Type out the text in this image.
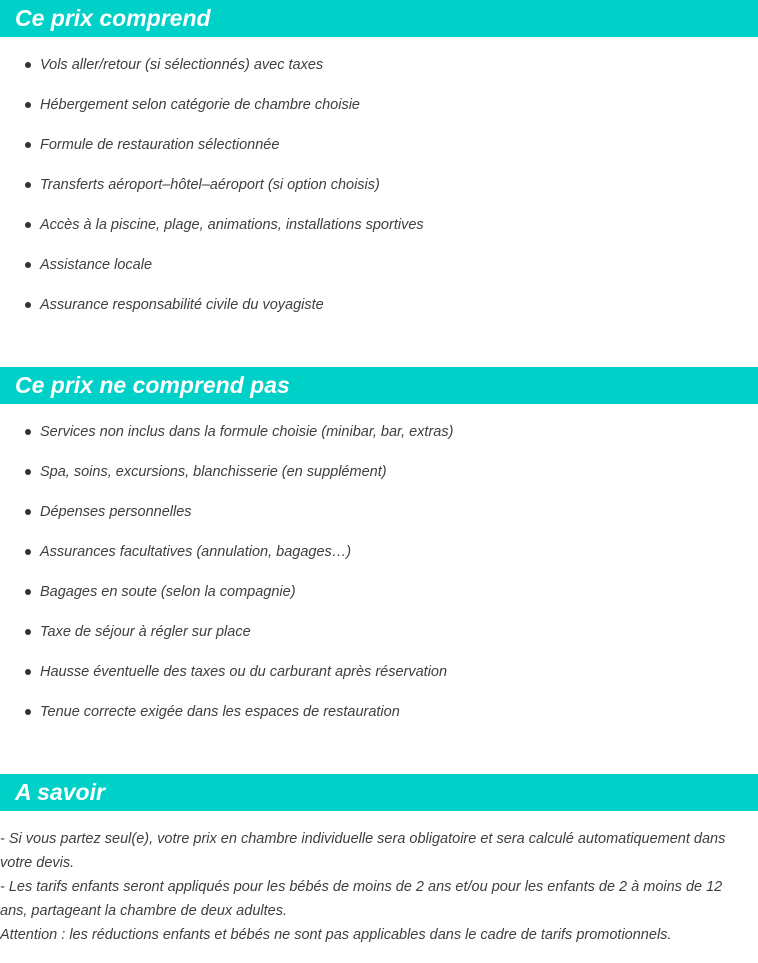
Ce prix comprend
Vols aller/retour (si sélectionnés) avec taxes
Hébergement selon catégorie de chambre choisie
Formule de restauration sélectionnée
Transferts aéroport–hôtel–aéroport (si option choisis)
Accès à la piscine, plage, animations, installations sportives
Assistance locale
Assurance responsabilité civile du voyagiste
Ce prix ne comprend pas
Services non inclus dans la formule choisie (minibar, bar, extras)
Spa, soins, excursions, blanchisserie (en supplément)
Dépenses personnelles
Assurances facultatives (annulation, bagages…)
Bagages en soute (selon la compagnie)
Taxe de séjour à régler sur place
Hausse éventuelle des taxes ou du carburant après réservation
Tenue correcte exigée dans les espaces de restauration
A savoir

- Si vous partez seul(e), votre prix en chambre individuelle sera obligatoire et sera calculé automatiquement dans votre devis.

- Les tarifs enfants seront appliqués pour les bébés de moins de 2 ans et/ou pour les enfants de 2 à moins de 12 ans, partageant la chambre de deux adultes.

Attention : les réductions enfants et bébés ne sont pas applicables dans le cadre de tarifs promotionnels.
